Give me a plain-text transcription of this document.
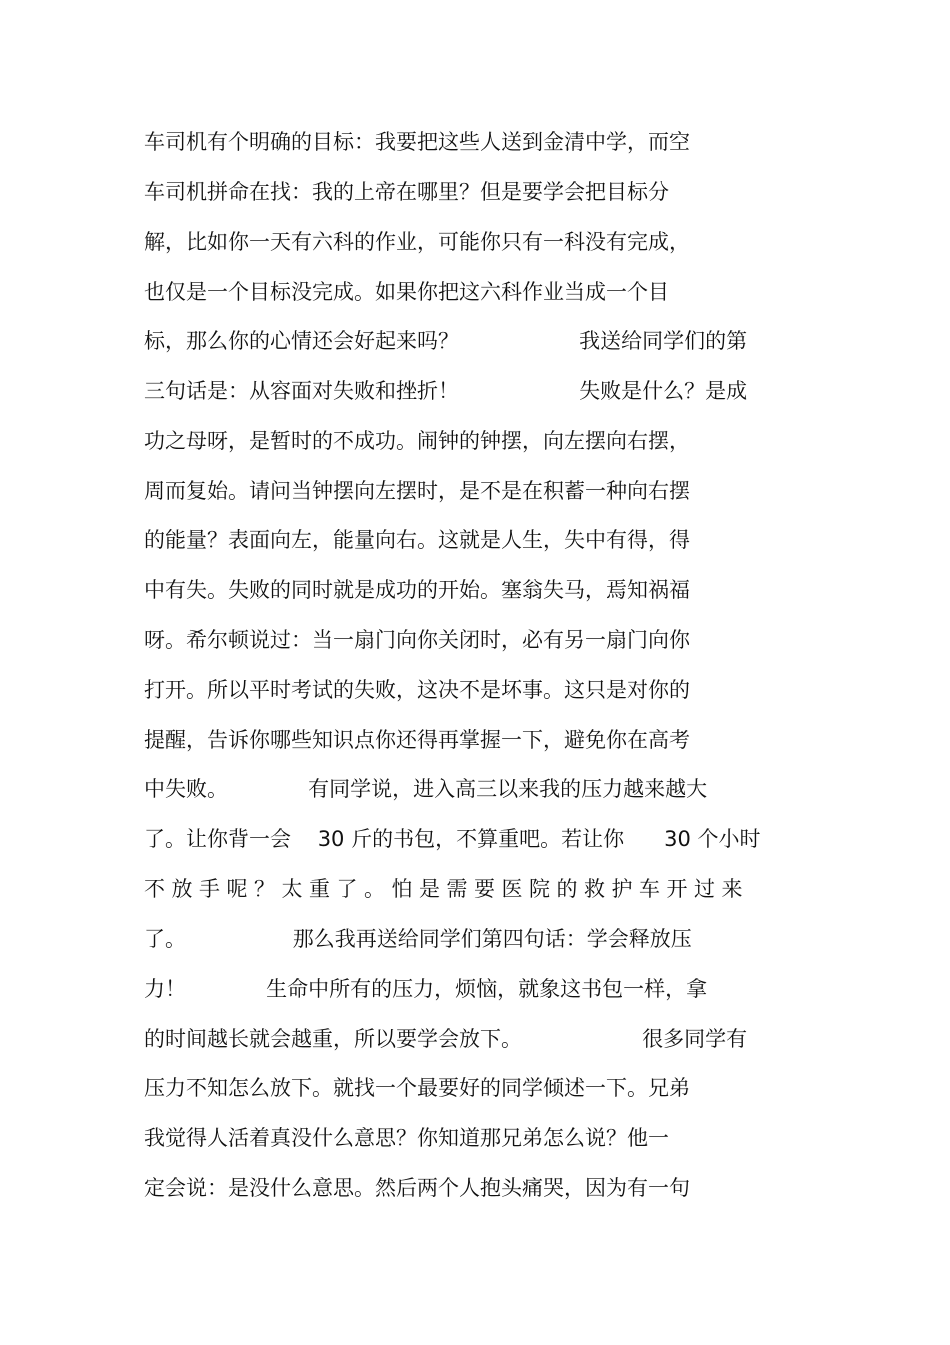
车司机有个明确的目标：我要把这些人送到金清中学，而空

车司机拼命在找：我的上帝在哪里？但是要学会把目标分

解，比如你一天有六科的作业，可能你只有一科没有完成，

也仅是一个目标没完成。如果你把这六科作业当成一个目

标，那么你的心情还会好起来吗？                  我送给同学们的第

三句话是：从容面对失败和挫折！                  失败是什么？是成

功之母呀，是暂时的不成功。闹钟的钟摆，向左摆向右摆，

周而复始。请问当钟摆向左摆时，是不是在积蓄一种向右摆

的能量？表面向左，能量向右。这就是人生，失中有得，得

中有失。失败的同时就是成功的开始。塞翁失马，焉知祸福

呀。希尔顿说过：当一扇门向你关闭时，必有另一扇门向你

打开。所以平时考试的失败，这决不是坏事。这只是对你的

提醒，告诉你哪些知识点你还得再掌握一下，避免你在高考

中失败。            有同学说，进入高三以来我的压力越来越大

了。让你背一会    30 斤的书包，不算重吧。若让你      30 个小时

不放手呢？太重了。怕是需要医院的救护车开过来

了。                那么我再送给同学们第四句话：学会释放压

力！            生命中所有的压力，烦恼，就象这书包一样，拿

的时间越长就会越重，所以要学会放下。                  很多同学有

压力不知怎么放下。就找一个最要好的同学倾述一下。兄弟

我觉得人活着真没什么意思？你知道那兄弟怎么说？他一

定会说：是没什么意思。然后两个人抱头痛哭，因为有一句
